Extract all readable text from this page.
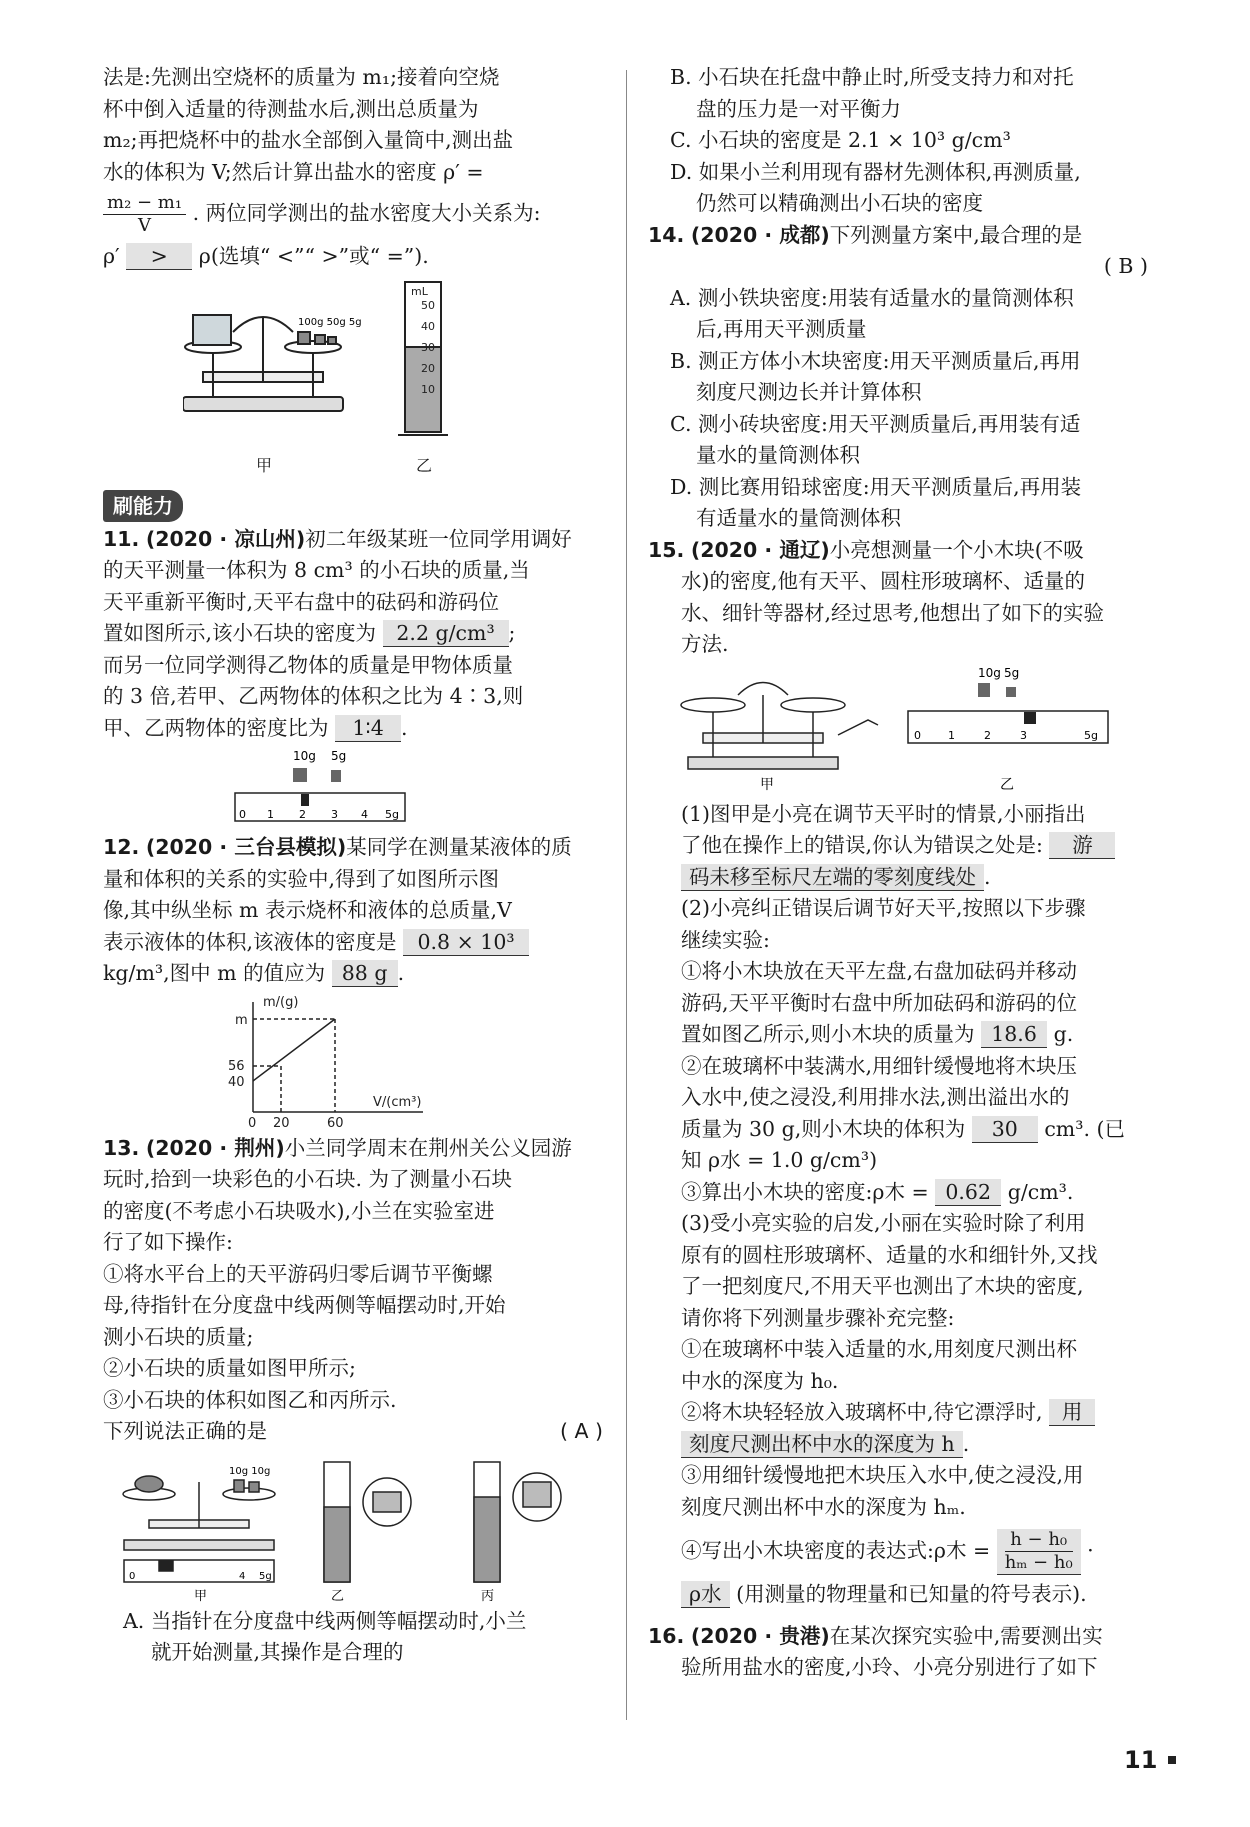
法是:先测出空烧杯的质量为 m₁;接着向空烧

杯中倒入适量的待测盐水后,测出总质量为

m₂;再把烧杯中的盐水全部倒入量筒中,测出盐

水的体积为 V;然后计算出盐水的密度 ρ′ =

$\frac{\text{m₂ − m₁}}{V}$ . 两位同学测出的盐水密度大小关系为:

ρ′ > ρ(选填“ <”“ >”或“ =”).

100g 50g 5g
mL
50
40
30
20
10
甲	乙
刷能力

11. (2020 · 凉山州)初二年级某班一位同学用调好

的天平测量一体积为 8 cm³ 的小石块的质量,当

天平重新平衡时,天平右盘中的砝码和游码位

置如图所示,该小石块的密度为 2.2 g/cm³ ;

而另一位同学测得乙物体的质量是甲物体质量

的 3 倍,若甲、乙两物体的体积之比为 4∶3,则

甲、乙两物体的密度比为 1∶4 .

10g 5g
0 1 2 3 4 5g

12. (2020 · 三台县模拟)某同学在测量某液体的质

量和体积的关系的实验中,得到了如图所示图

像,其中纵坐标 m 表示烧杯和液体的总质量,V

表示液体的体积,该液体的密度是 0.8 × 10³

kg/m³,图中 m 的值应为 88 g .

m/(g)
V/(cm³)
m
56
40
0 20	60

13. (2020 · 荆州)小兰同学周末在荆州关公义园游

玩时,拾到一块彩色的小石块. 为了测量小石块

的密度(不考虑小石块吸水),小兰在实验室进

行了如下操作:

①将水平台上的天平游码归零后调节平衡螺

母,待指针在分度盘中线两侧等幅摆动时,开始

测小石块的质量;

②小石块的质量如图甲所示;

③小石块的体积如图乙和丙所示.

下列说法正确的是	( A )

10g 10g
0	4 5g
甲	乙	丙

A. 当指针在分度盘中线两侧等幅摆动时,小兰

就开始测量,其操作是合理的

B. 小石块在托盘中静止时,所受支持力和对托

盘的压力是一对平衡力

C. 小石块的密度是 2.1 × 10³ g/cm³

D. 如果小兰利用现有器材先测体积,再测质量,

仍然可以精确测出小石块的密度

14. (2020 · 成都)下列测量方案中,最合理的是

( B )

A. 测小铁块密度:用装有适量水的量筒测体积

后,再用天平测质量

B. 测正方体小木块密度:用天平测质量后,再用

刻度尺测边长并计算体积

C. 测小砖块密度:用天平测质量后,再用装有适

量水的量筒测体积

D. 测比赛用铅球密度:用天平测质量后,再用装

有适量水的量筒测体积

15. (2020 · 通辽)小亮想测量一个小木块(不吸

水)的密度,他有天平、圆柱形玻璃杯、适量的

水、细针等器材,经过思考,他想出了如下的实验

方法.

10g 5g
0 1	2	3	5g
甲	乙

(1)图甲是小亮在调节天平时的情景,小丽指出

了他在操作上的错误,你认为错误之处是: 游

码未移至标尺左端的零刻度线处 .

(2)小亮纠正错误后调节好天平,按照以下步骤

继续实验:

①将小木块放在天平左盘,右盘加砝码并移动

游码,天平平衡时右盘中所加砝码和游码的位

置如图乙所示,则小木块的质量为 18.6 g.

②在玻璃杯中装满水,用细针缓慢地将木块压

入水中,使之浸没,利用排水法,测出溢出水的

质量为 30 g,则小木块的体积为 30 cm³. (已

知 ρ水 = 1.0 g/cm³)

③算出小木块的密度:ρ木 = 0.62 g/cm³.

(3)受小亮实验的启发,小丽在实验时除了利用

原有的圆柱形玻璃杯、适量的水和细针外,又找

了一把刻度尺,不用天平也测出了木块的密度,

请你将下列测量步骤补充完整:

①在玻璃杯中装入适量的水,用刻度尺测出杯

中水的深度为 h₀.

②将木块轻轻放入玻璃杯中,待它漂浮时, 用

刻度尺测出杯中水的深度为 h .

③用细针缓慢地把木块压入水中,使之浸没,用

刻度尺测出杯中水的深度为 hₘ.

④写出小木块密度的表达式:ρ木 = $\frac{\text{h − h₀}}{\text{hₘ − h₀}}$ ·

ρ水 (用测量的物理量和已知量的符号表示).

16. (2020 · 贵港)在某次探究实验中,需要测出实

验所用盐水的密度,小玲、小亮分别进行了如下

11
